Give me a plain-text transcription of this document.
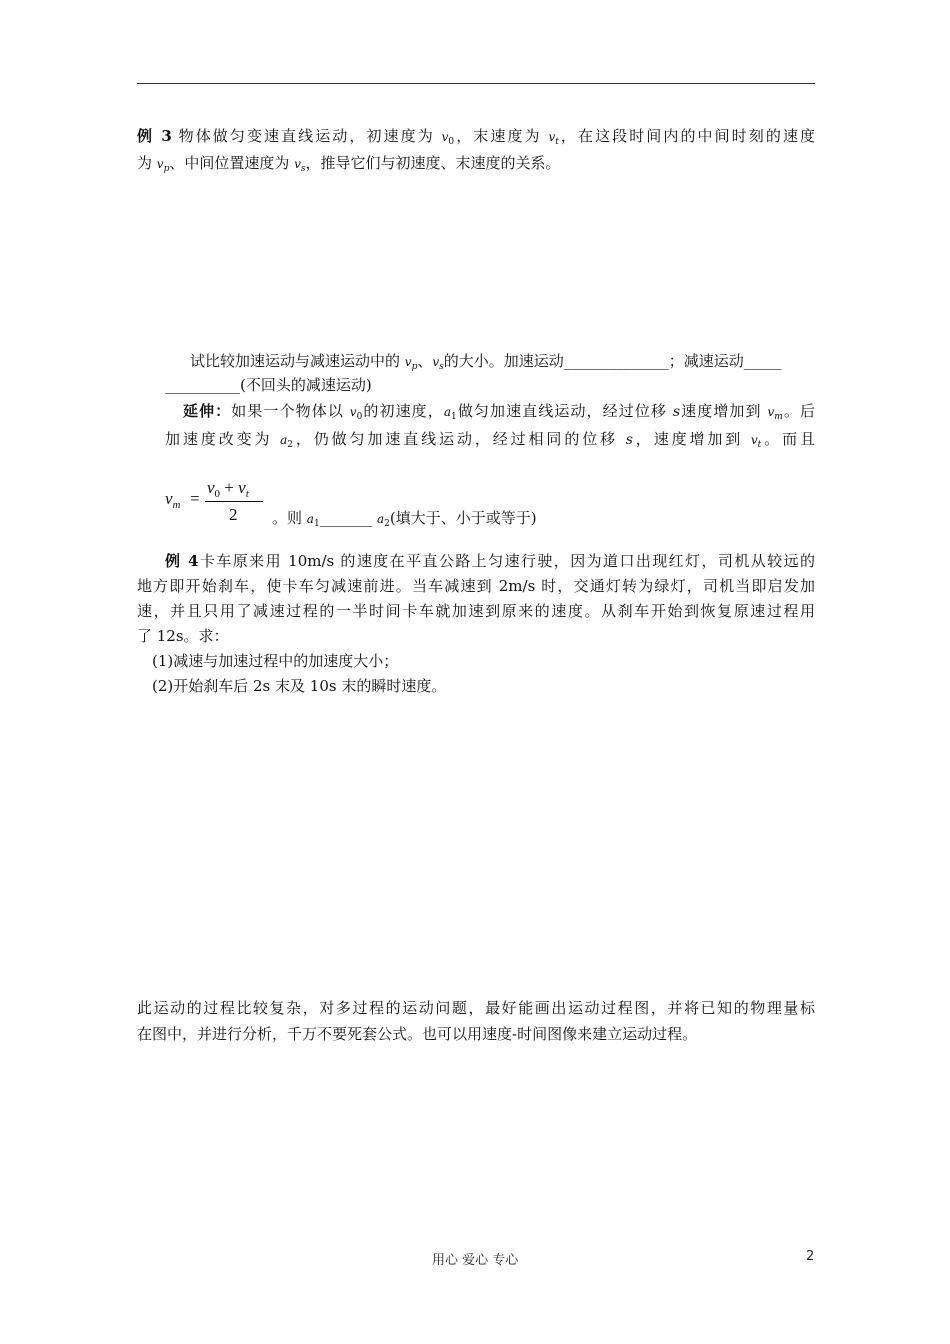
例 3 物体做匀变速直线运动，初速度为 $v_0$，末速度为 $v_t$，在这段时间内的中间时刻的速度
为 $v_p$、中间位置速度为 $v_s$，推导它们与初速度、末速度的关系。
试比较加速运动与减速运动中的 $v_p$、$v_s$的大小。加速运动______________；减速运动_____
__________(不回头的减速运动)
延伸：如果一个物体以 $v_0$的初速度，$a_1$做匀加速直线运动，经过位移 s速度增加到 $v_m$。后
加速度改变为 $a_2$，仍做匀加速直线运动，经过相同的位移 s，速度增加到 $v_t$。而且
$v_m$ =
$v_0 + v_t$
2 。则 $a_1\_\_\_\_\_\_\_$ $a_2$(填大于、小于或等于)
例 4卡车原来用 10m/s 的速度在平直公路上匀速行驶，因为道口出现红灯，司机从较远的
地方即开始刹车，使卡车匀减速前进。当车减速到 2m/s 时，交通灯转为绿灯，司机当即启发加
速，并且只用了减速过程的一半时间卡车就加速到原来的速度。从刹车开始到恢复原速过程用
了 12s。求：
(1)减速与加速过程中的加速度大小；
(2)开始刹车后 2s 末及 10s 末的瞬时速度。
此运动的过程比较复杂，对多过程的运动问题，最好能画出运动过程图，并将已知的物理量标
在图中，并进行分析，千万不要死套公式。也可以用速度-时间图像来建立运动过程。
用心 爱心 专心	2
